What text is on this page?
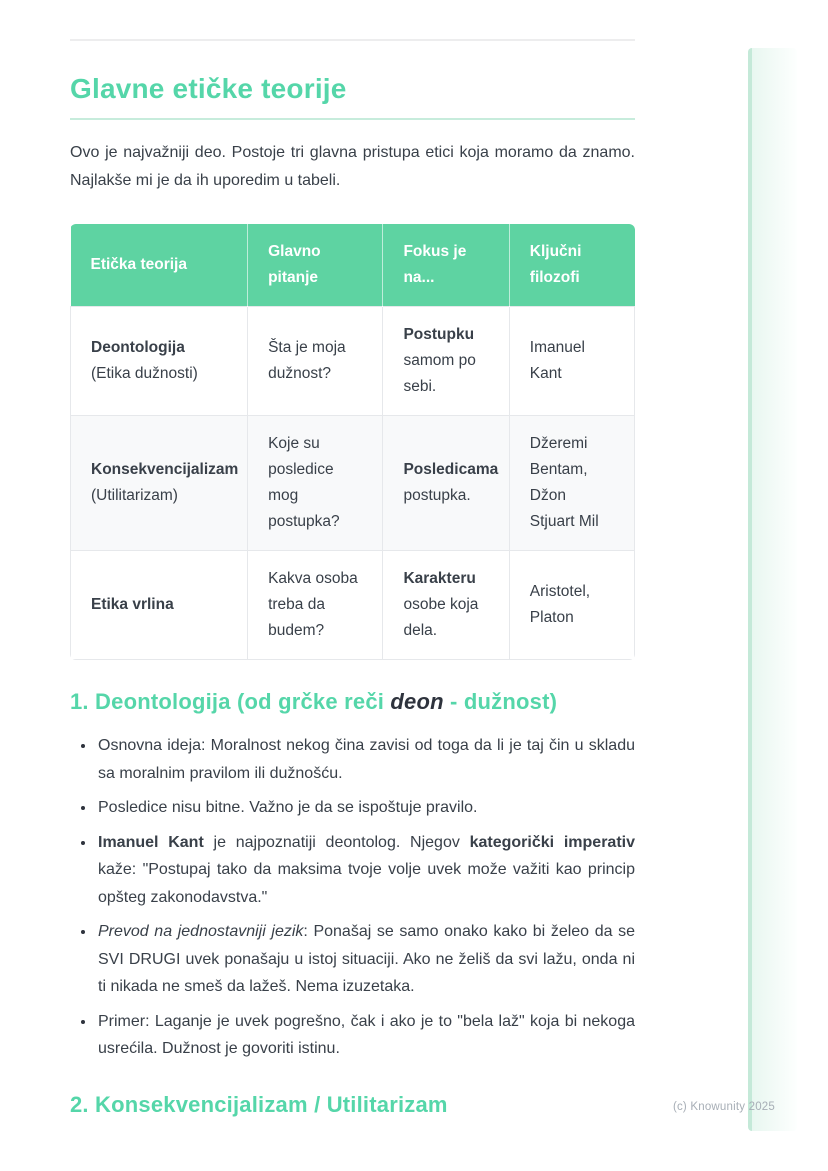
Glavne etičke teorije

Ovo je najvažniji deo. Postoje tri glavna pristupa etici koja moramo da znamo. Najlakše mi je da ih uporedim u tabeli.

Etička teorija	Glavno pitanje	Fokus je na...	Ključni filozofi
Deontologija (Etika dužnosti)	Šta je moja dužnost?	Postupku samom po sebi.	Imanuel Kant
Konsekvencijalizam (Utilitarizam)	Koje su posledice mog postupka?	Posledicama postupka.	Džeremi Bentam, Džon Stjuart Mil
Etika vrlina	Kakva osoba treba da budem?	Karakteru osobe koja dela.	Aristotel, Platon
1. Deontologija (od grčke reči deon - dužnost)
• Osnovna ideja: Moralnost nekog čina zavisi od toga da li je taj čin u skladu sa moralnim pravilom ili dužnošću.
• Posledice nisu bitne. Važno je da se ispoštuje pravilo.
• Imanuel Kant je najpoznatiji deontolog. Njegov kategorički imperativ kaže: "Postupaj tako da maksima tvoje volje uvek može važiti kao princip opšteg zakonodavstva."
• Prevod na jednostavniji jezik: Ponašaj se samo onako kako bi želeo da se SVI DRUGI uvek ponašaju u istoj situaciji. Ako ne želiš da svi lažu, onda ni ti nikada ne smeš da lažeš. Nema izuzetaka.
• Primer: Laganje je uvek pogrešno, čak i ako je to "bela laž" koja bi nekoga usrećila. Dužnost je govoriti istinu.
2. Konsekvencijalizam / Utilitarizam	(c) Knowunity 2025
